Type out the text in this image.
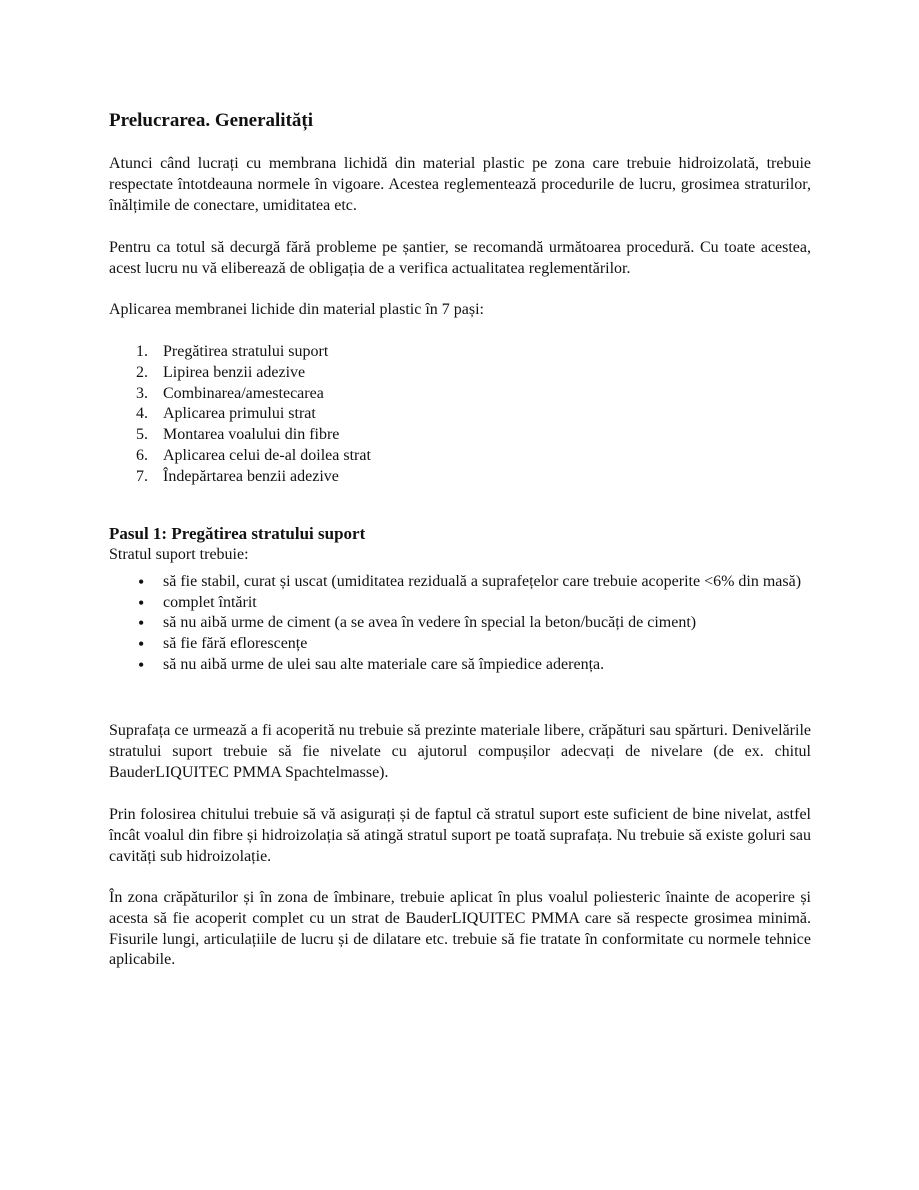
Prelucrarea. Generalități

Atunci când lucrați cu membrana lichidă din material plastic pe zona care trebuie hidroizolată, trebuie respectate întotdeauna normele în vigoare. Acestea reglementează procedurile de lucru, grosimea straturilor, înălțimile de conectare, umiditatea etc.

Pentru ca totul să decurgă fără probleme pe șantier, se recomandă următoarea procedură. Cu toate acestea, acest lucru nu vă eliberează de obligația de a verifica actualitatea reglementărilor.

Aplicarea membranei lichide din material plastic în 7 pași:

1. Pregătirea stratului suport
2. Lipirea benzii adezive
3. Combinarea/amestecarea
4. Aplicarea primului strat
5. Montarea voalului din fibre
6. Aplicarea celui de-al doilea strat
7. Îndepărtarea benzii adezive
Pasul 1: Pregătirea stratului suport

Stratul suport trebuie:

• să fie stabil, curat și uscat (umiditatea reziduală a suprafețelor care trebuie acoperite <6% din masă)
• complet întărit
• să nu aibă urme de ciment (a se avea în vedere în special la beton/bucăți de ciment)
• să fie fără eflorescențe
• să nu aibă urme de ulei sau alte materiale care să împiedice aderența.

Suprafața ce urmează a fi acoperită nu trebuie să prezinte materiale libere, crăpături sau spărturi. Denivelările stratului suport trebuie să fie nivelate cu ajutorul compușilor adecvați de nivelare (de ex. chitul BauderLIQUITEC PMMA Spachtelmasse).

Prin folosirea chitului trebuie să vă asigurați și de faptul că stratul suport este suficient de bine nivelat, astfel încât voalul din fibre și hidroizolația să atingă stratul suport pe toată suprafața. Nu trebuie să existe goluri sau cavități sub hidroizolație.

În zona crăpăturilor și în zona de îmbinare, trebuie aplicat în plus voalul poliesteric înainte de acoperire și acesta să fie acoperit complet cu un strat de BauderLIQUITEC PMMA care să respecte grosimea minimă. Fisurile lungi, articulațiile de lucru și de dilatare etc. trebuie să fie tratate în conformitate cu normele tehnice aplicabile.
